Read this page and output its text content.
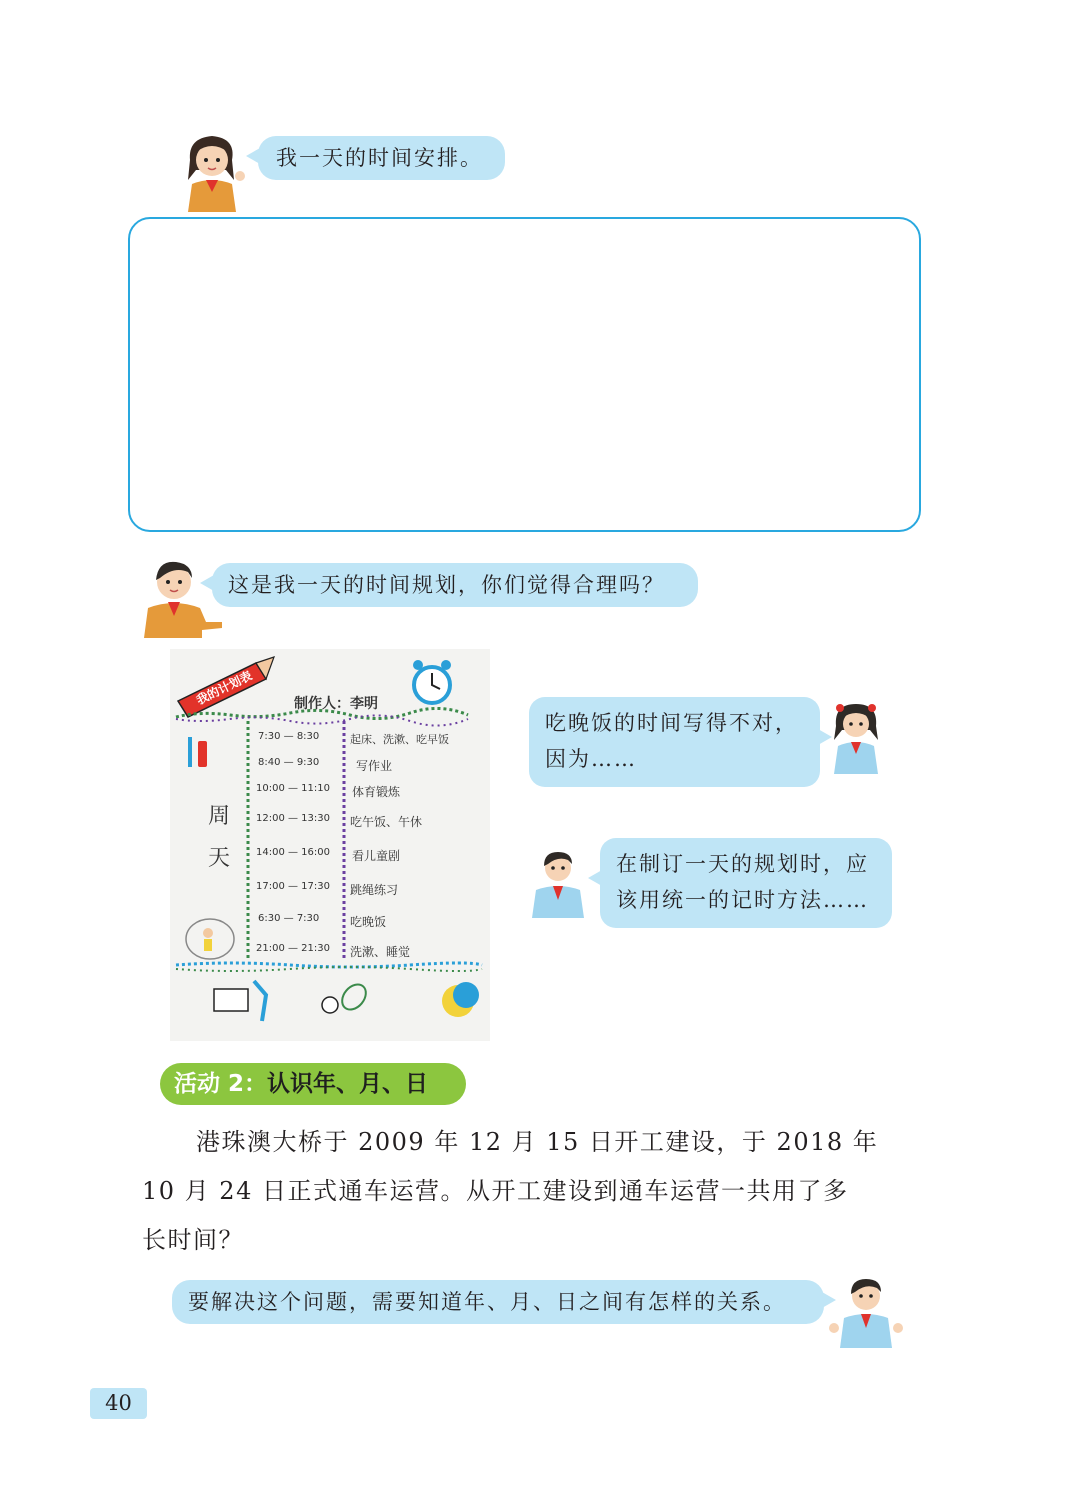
我一天的时间安排。
这是我一天的时间规划，你们觉得合理吗？
我的计划表	制作人：李明
周
天
7:30 — 8:30	起床、洗漱、吃早饭
8:40 — 9:30	写作业
10:00 — 11:10 体育锻炼
12:00 — 13:30 吃午饭、午休
14:00 — 16:00 看儿童剧
17:00 — 17:30 跳绳练习
6:30 — 7:30	吃晚饭
21:00 — 21:30 洗漱、睡觉
吃晚饭的时间写得不对，
因为……
在制订一天的规划时，应
该用统一的记时方法……
活动 2：认识年、月、日
港珠澳大桥于 2009 年 12 月 15 日开工建设，于 2018 年
10 月 24 日正式通车运营。从开工建设到通车运营一共用了多
长时间？
要解决这个问题，需要知道年、月、日之间有怎样的关系。
40
